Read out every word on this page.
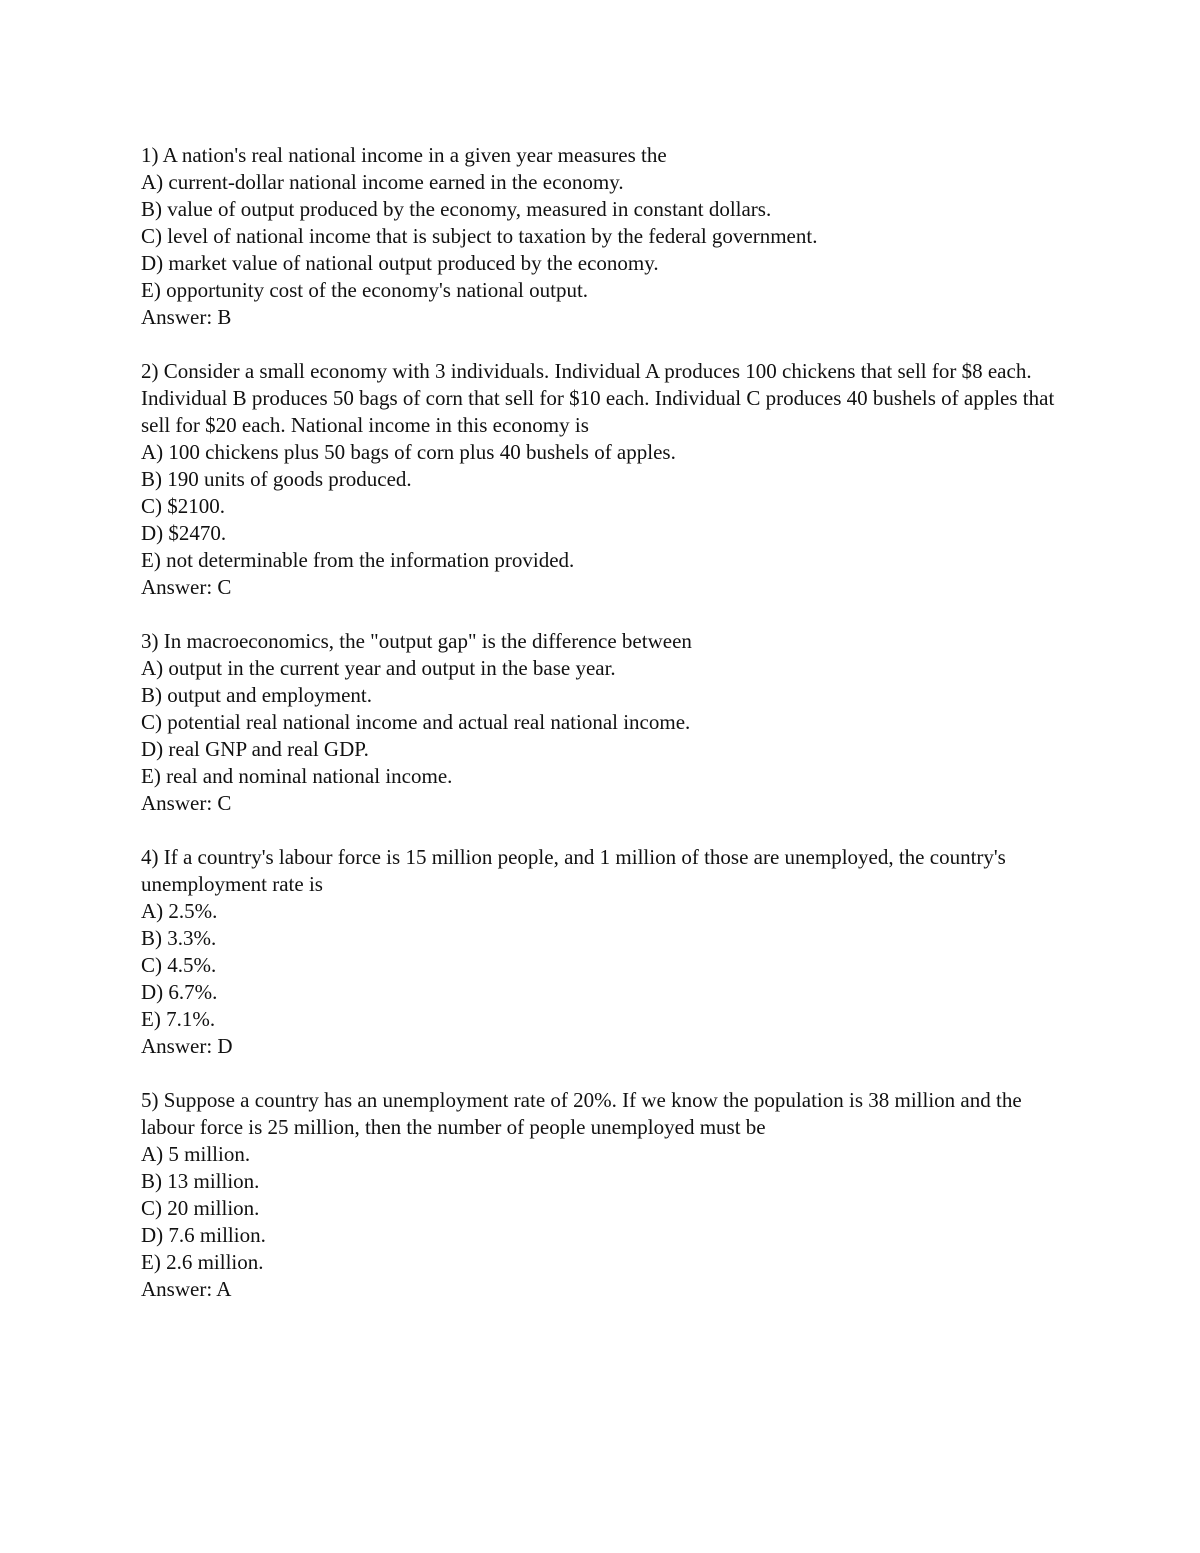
1) A nation's real national income in a given year measures the

A) current-dollar national income earned in the economy.

B) value of output produced by the economy, measured in constant dollars.

C) level of national income that is subject to taxation by the federal government.

D) market value of national output produced by the economy.

E) opportunity cost of the economy's national output.

Answer: B

2) Consider a small economy with 3 individuals. Individual A produces 100 chickens that sell for $8 each. Individual B produces 50 bags of corn that sell for $10 each. Individual C produces 40 bushels of apples that sell for $20 each. National income in this economy is

A) 100 chickens plus 50 bags of corn plus 40 bushels of apples.

B) 190 units of goods produced.

C) $2100.

D) $2470.

E) not determinable from the information provided.

Answer: C

3) In macroeconomics, the "output gap" is the difference between

A) output in the current year and output in the base year.

B) output and employment.

C) potential real national income and actual real national income.

D) real GNP and real GDP.

E) real and nominal national income.

Answer: C

4) If a country's labour force is 15 million people, and 1 million of those are unemployed, the country's unemployment rate is

A) 2.5%.

B) 3.3%.

C) 4.5%.

D) 6.7%.

E) 7.1%.

Answer: D

5) Suppose a country has an unemployment rate of 20%. If we know the population is 38 million and the labour force is 25 million, then the number of people unemployed must be

A) 5 million.

B) 13 million.

C) 20 million.

D) 7.6 million.

E) 2.6 million.

Answer: A
